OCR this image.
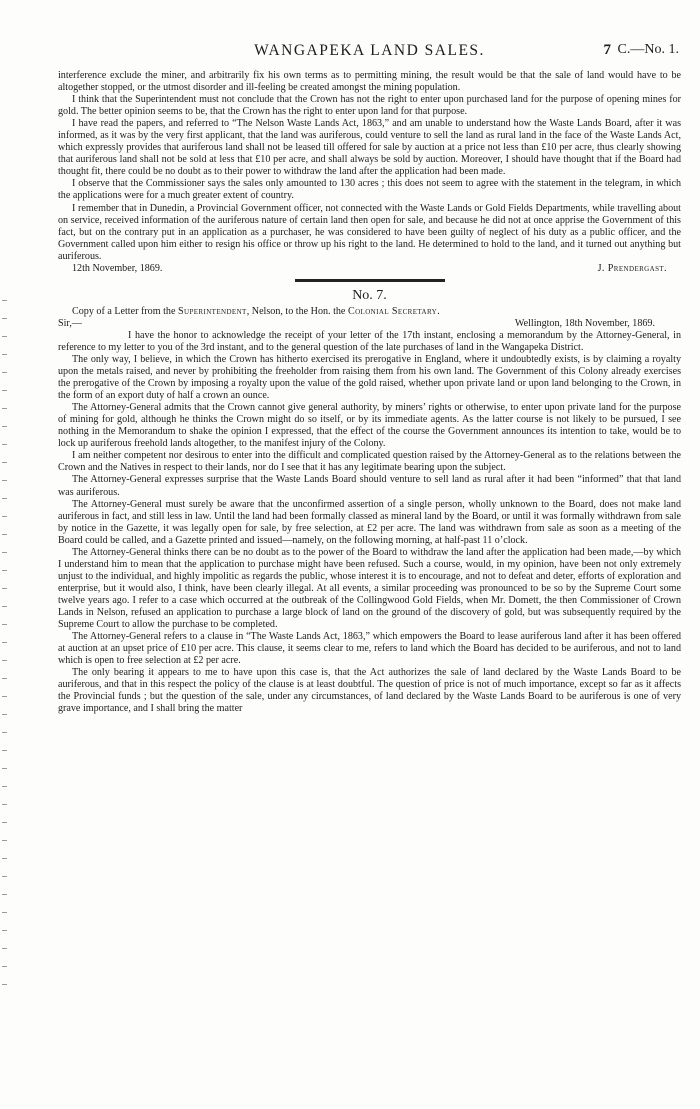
WANGAPEKA LAND SALES.	7 C.—No. 1.

interference exclude the miner, and arbitrarily fix his own terms as to permitting mining, the result would be that the sale of land would have to be altogether stopped, or the utmost disorder and ill-feeling be created amongst the mining population.

I think that the Superintendent must not conclude that the Crown has not the right to enter upon purchased land for the purpose of opening mines for gold. The better opinion seems to be, that the Crown has the right to enter upon land for that purpose.

I have read the papers, and referred to “The Nelson Waste Lands Act, 1863,” and am unable to understand how the Waste Lands Board, after it was informed, as it was by the very first applicant, that the land was auriferous, could venture to sell the land as rural land in the face of the Waste Lands Act, which expressly provides that auriferous land shall not be leased till offered for sale by auction at a price not less than £10 per acre, thus clearly showing that auriferous land shall not be sold at less that £10 per acre, and shall always be sold by auction. Moreover, I should have thought that if the Board had thought fit, there could be no doubt as to their power to withdraw the land after the application had been made.

I observe that the Commissioner says the sales only amounted to 130 acres ; this does not seem to agree with the statement in the telegram, in which the applications were for a much greater extent of country.

I remember that in Dunedin, a Provincial Government officer, not connected with the Waste Lands or Gold Fields Departments, while travelling about on service, received information of the auriferous nature of certain land then open for sale, and because he did not at once apprise the Government of this fact, but on the contrary put in an application as a purchaser, he was considered to have been guilty of neglect of his duty as a public officer, and the Government called upon him either to resign his office or throw up his right to the land. He determined to hold to the land, and it turned out anything but auriferous.

12th November, 1869.	J. Prendergast.
No. 7.

Copy of a Letter from the Superintendent, Nelson, to the Hon. the Colonial Secretary.

Sir,—	Wellington, 18th November, 1869.

I have the honor to acknowledge the receipt of your letter of the 17th instant, enclosing a memorandum by the Attorney-General, in reference to my letter to you of the 3rd instant, and to the general question of the late purchases of land in the Wangapeka District.

The only way, I believe, in which the Crown has hitherto exercised its prerogative in England, where it undoubtedly exists, is by claiming a royalty upon the metals raised, and never by prohibiting the freeholder from raising them from his own land. The Government of this Colony already exercises the prerogative of the Crown by imposing a royalty upon the value of the gold raised, whether upon private land or upon land belonging to the Crown, in the form of an export duty of half a crown an ounce.

The Attorney-General admits that the Crown cannot give general authority, by miners’ rights or otherwise, to enter upon private land for the purpose of mining for gold, although he thinks the Crown might do so itself, or by its immediate agents. As the latter course is not likely to be pursued, I see nothing in the Memorandum to shake the opinion I expressed, that the effect of the course the Government announces its intention to take, would be to lock up auriferous freehold lands altogether, to the manifest injury of the Colony.

I am neither competent nor desirous to enter into the difficult and complicated question raised by the Attorney-General as to the relations between the Crown and the Natives in respect to their lands, nor do I see that it has any legitimate bearing upon the subject.

The Attorney-General expresses surprise that the Waste Lands Board should venture to sell land as rural after it had been “informed” that that land was auriferous.

The Attorney-General must surely be aware that the unconfirmed assertion of a single person, wholly unknown to the Board, does not make land auriferous in fact, and still less in law. Until the land had been formally classed as mineral land by the Board, or until it was formally withdrawn from sale by notice in the Gazette, it was legally open for sale, by free selection, at £2 per acre. The land was withdrawn from sale as soon as a meeting of the Board could be called, and a Gazette printed and issued—namely, on the following morning, at half-past 11 o’clock.

The Attorney-General thinks there can be no doubt as to the power of the Board to withdraw the land after the application had been made,—by which I understand him to mean that the application to purchase might have been refused. Such a course, would, in my opinion, have been not only extremely unjust to the individual, and highly impolitic as regards the public, whose interest it is to encourage, and not to defeat and deter, efforts of exploration and enterprise, but it would also, I think, have been clearly illegal. At all events, a similar proceeding was pronounced to be so by the Supreme Court some twelve years ago. I refer to a case which occurred at the outbreak of the Collingwood Gold Fields, when Mr. Domett, the then Commissioner of Crown Lands in Nelson, refused an application to purchase a large block of land on the ground of the discovery of gold, but was subsequently required by the Supreme Court to allow the purchase to be completed.

The Attorney-General refers to a clause in “The Waste Lands Act, 1863,” which empowers the Board to lease auriferous land after it has been offered at auction at an upset price of £10 per acre. This clause, it seems clear to me, refers to land which the Board has decided to be auriferous, and not to land which is open to free selection at £2 per acre.

The only bearing it appears to me to have upon this case is, that the Act authorizes the sale of land declared by the Waste Lands Board to be auriferous, and that in this respect the policy of the clause is at least doubtful. The question of price is not of much importance, except so far as it affects the Provincial funds ; but the question of the sale, under any circumstances, of land declared by the Waste Lands Board to be auriferous is one of very grave importance, and I shall bring the matter
